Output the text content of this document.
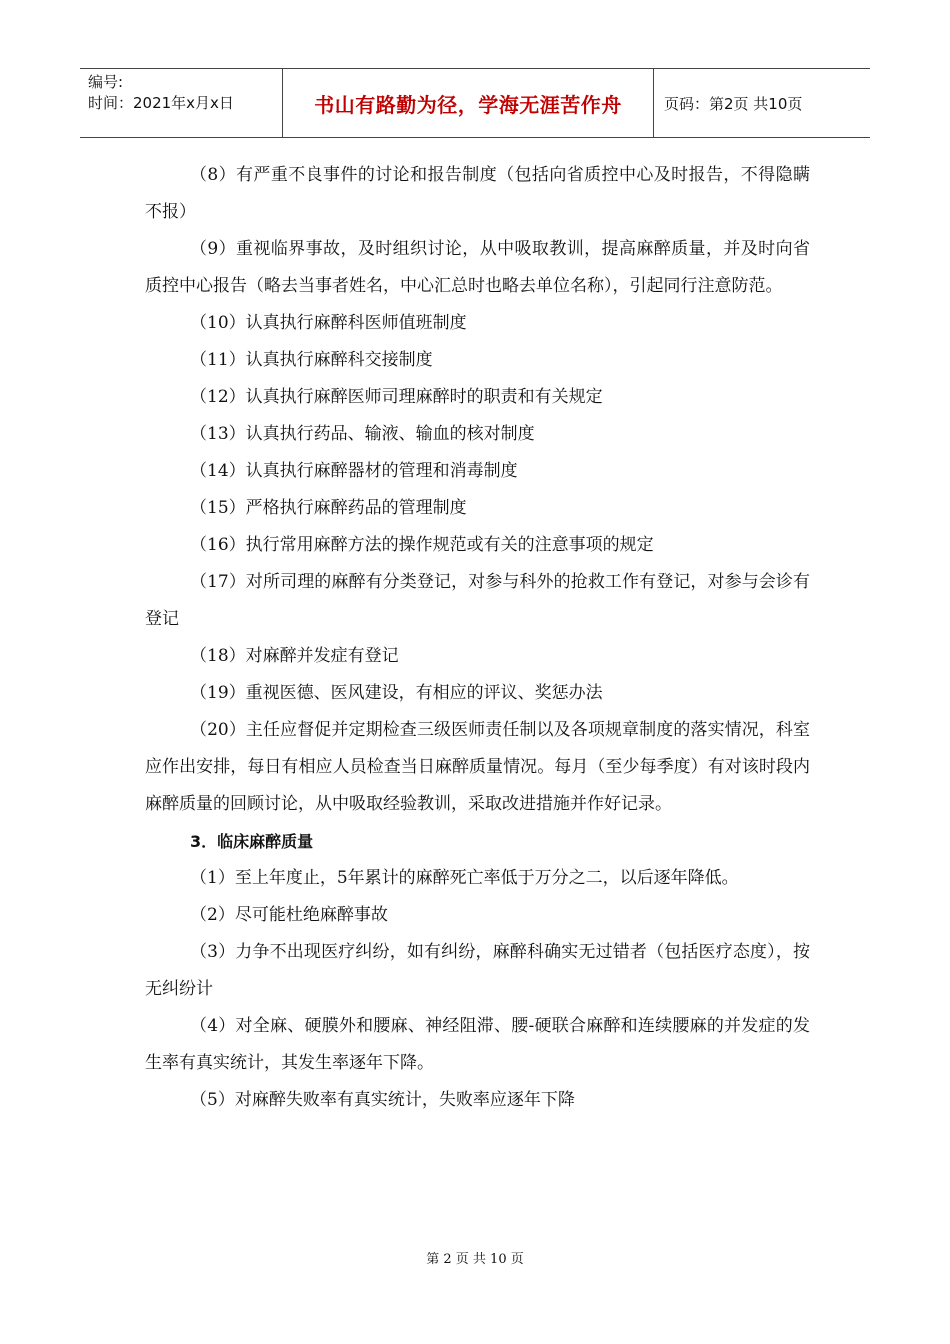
编号:
时间：2021年x月x日	书山有路勤为径，学海无涯苦作舟	页码：第2页 共10页

（8）有严重不良事件的讨论和报告制度（包括向省质控中心及时报告，不得隐瞒不报）

（9）重视临界事故，及时组织讨论，从中吸取教训，提高麻醉质量，并及时向省质控中心报告（略去当事者姓名，中心汇总时也略去单位名称），引起同行注意防范。

（10）认真执行麻醉科医师值班制度

（11）认真执行麻醉科交接制度

（12）认真执行麻醉医师司理麻醉时的职责和有关规定

（13）认真执行药品、输液、输血的核对制度

（14）认真执行麻醉器材的管理和消毒制度

（15）严格执行麻醉药品的管理制度

（16）执行常用麻醉方法的操作规范或有关的注意事项的规定

（17）对所司理的麻醉有分类登记，对参与科外的抢救工作有登记，对参与会诊有登记

（18）对麻醉并发症有登记

（19）重视医德、医风建设，有相应的评议、奖惩办法

（20）主任应督促并定期检查三级医师责任制以及各项规章制度的落实情况，科室应作出安排，每日有相应人员检查当日麻醉质量情况。每月（至少每季度）有对该时段内麻醉质量的回顾讨论，从中吸取经验教训，采取改进措施并作好记录。

3．临床麻醉质量

（1）至上年度止，5年累计的麻醉死亡率低于万分之二，以后逐年降低。

（2）尽可能杜绝麻醉事故

（3）力争不出现医疗纠纷，如有纠纷，麻醉科确实无过错者（包括医疗态度），按无纠纷计

（4）对全麻、硬膜外和腰麻、神经阻滞、腰-硬联合麻醉和连续腰麻的并发症的发生率有真实统计，其发生率逐年下降。

（5）对麻醉失败率有真实统计，失败率应逐年下降

第 2 页 共 10 页
